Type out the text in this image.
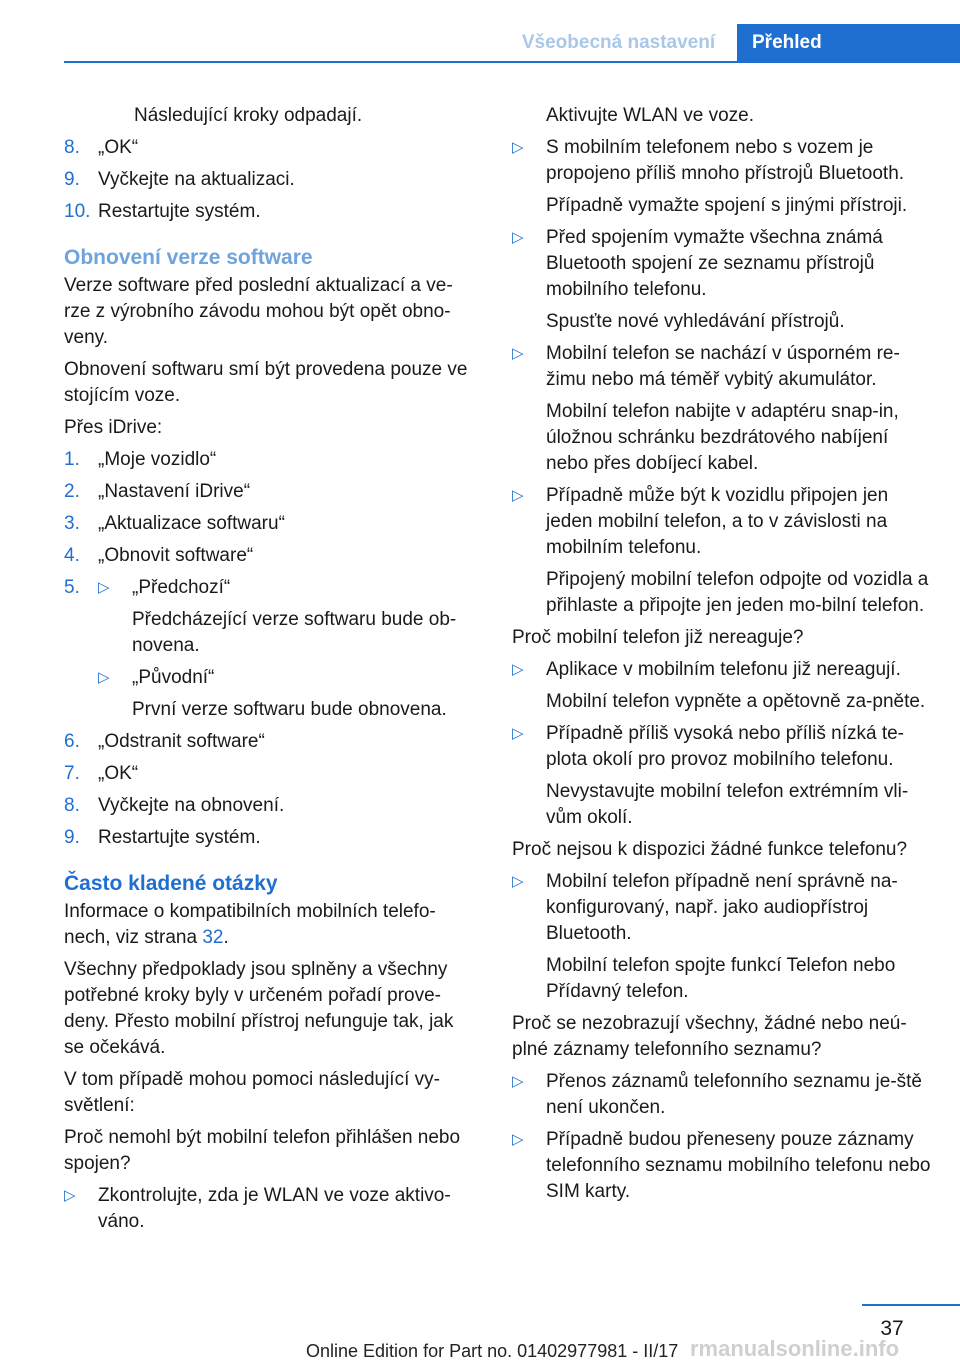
Všeobecná nastavení	Přehled

Následující kroky odpadají.

8. „OK“
9. Vyčkejte na aktualizaci.
10. Restartujte systém.
Obnovení verze software

Verze software před poslední aktualizací a ve-rze z výrobního závodu mohou být opět obno-veny.

Obnovení softwaru smí být provedena pouze ve stojícím voze.

Přes iDrive:

1. „Moje vozidlo“
2. „Nastavení iDrive“
3. „Aktualizace softwaru“
4. „Obnovit software“
5. ▷ „Předchozí“

Předcházející verze softwaru bude ob-novena.

▷ „Původní“

První verze softwaru bude obnovena.

6. „Odstranit software“
7. „OK“
8. Vyčkejte na obnovení.
9. Restartujte systém.
Často kladené otázky

Informace o kompatibilních mobilních telefo-nech, viz strana 32.

Všechny předpoklady jsou splněny a všechny potřebné kroky byly v určeném pořadí prove-deny. Přesto mobilní přístroj nefunguje tak, jak se očekává.

V tom případě mohou pomoci následující vy-světlení:

Proč nemohl být mobilní telefon přihlášen nebo spojen?

▷ Zkontrolujte, zda je WLAN ve voze aktivo-váno.

Aktivujte WLAN ve voze.

▷ S mobilním telefonem nebo s vozem je propojeno příliš mnoho přístrojů Bluetooth.

Případně vymažte spojení s jinými přístroji.

▷ Před spojením vymažte všechna známá Bluetooth spojení ze seznamu přístrojů mobilního telefonu.

Spusťte nové vyhledávání přístrojů.

▷ Mobilní telefon se nachází v úsporném re-žimu nebo má téměř vybitý akumulátor.

Mobilní telefon nabijte v adaptéru snap-in, úložnou schránku bezdrátového nabíjení nebo přes dobíjecí kabel.

▷ Případně může být k vozidlu připojen jen jeden mobilní telefon, a to v závislosti na mobilním telefonu.

Připojený mobilní telefon odpojte od vozidla a přihlaste a připojte jen jeden mo-bilní telefon.

Proč mobilní telefon již nereaguje?

▷ Aplikace v mobilním telefonu již nereagují.

Mobilní telefon vypněte a opětovně za-pněte.

▷ Případně příliš vysoká nebo příliš nízká te-plota okolí pro provoz mobilního telefonu.

Nevystavujte mobilní telefon extrémním vli-vům okolí.

Proč nejsou k dispozici žádné funkce telefonu?

▷ Mobilní telefon případně není správně na-konfigurovaný, např. jako audiopřístroj Bluetooth.

Mobilní telefon spojte funkcí Telefon nebo Přídavný telefon.

Proč se nezobrazují všechny, žádné nebo neú-plné záznamy telefonního seznamu?

▷ Přenos záznamů telefonního seznamu je-ště není ukončen.
▷ Případně budou přeneseny pouze záznamy telefonního seznamu mobilního telefonu nebo SIM karty.
37
Online Edition for Part no. 01402977981 - II/17 rmanualsonline.info
